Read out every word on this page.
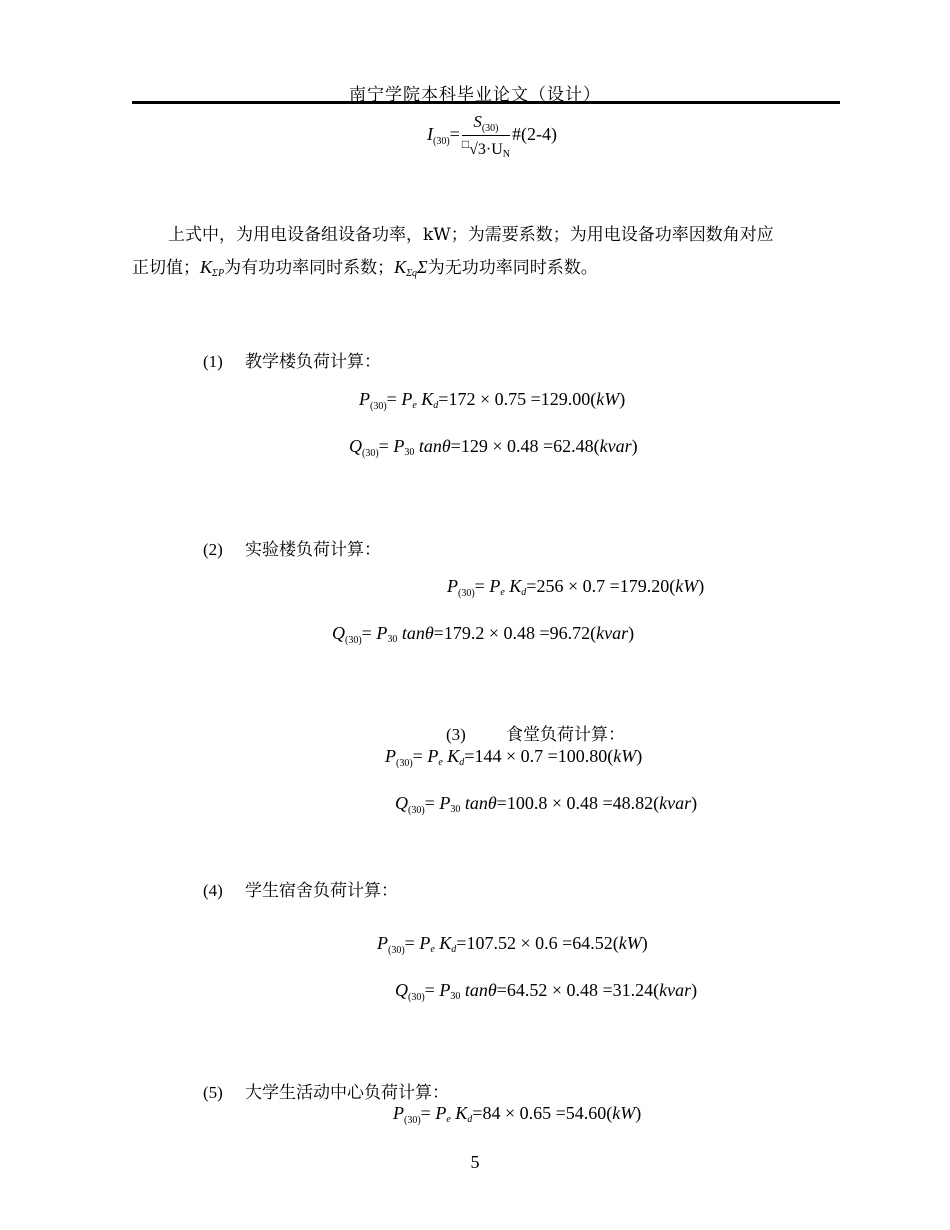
南宁学院本科毕业论文（设计）
$I_{(30)}= \frac{S_{(30)}}{^□√3\cdot U_N}$ #(2-4)
上式中，为用电设备组设备功率，kW；为需要系数；为用电设备功率因数角对应
正切值；KΣP为有功功率同时系数；KΣqΣ为无功功率同时系数。
(1) 教学楼负荷计算：
$P_{(30)}= P_e$ $K_d=172 \times 0.75 =129.00(kW)$
$Q_{(30)}= P_{30}$ tanθ=129 × 0.48 =62.48(kvar)
(2) 实验楼负荷计算：
$P_{(30)}= P_e$ $K_d=256 \times 0.7 =179.20(kW)$
$Q_{(30)}= P_{30}$ tanθ=179.2 × 0.48 =96.72(kvar)
(3) 食堂负荷计算：
$P_{(30)}= P_e$ $K_d=144 \times 0.7 =100.80(kW)$
$Q_{(30)}= P_{30}$ tanθ=100.8 × 0.48 =48.82(kvar)
(4) 学生宿舍负荷计算：
$P_{(30)}= P_e$ $K_d=107.52 \times 0.6 =64.52(kW)$
$Q_{(30)}= P_{30}$ tanθ=64.52 × 0.48 =31.24(kvar)
(5) 大学生活动中心负荷计算：
$P_{(30)}= P_e$ $K_d=84 \times 0.65 =54.60(kW)$
5
